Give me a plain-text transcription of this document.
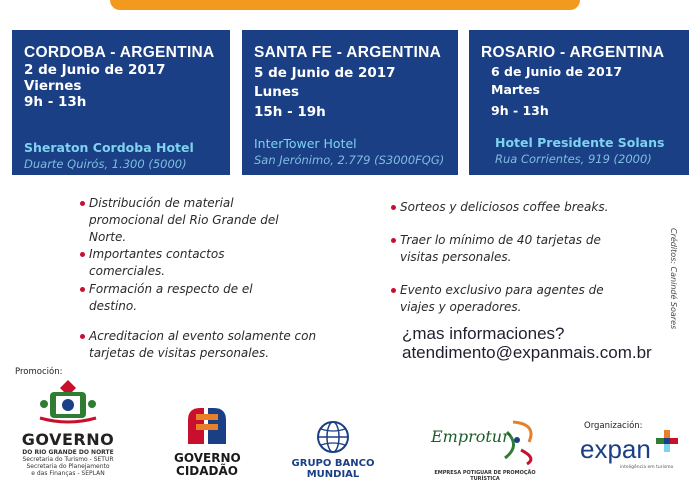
CORDOBA - ARGENTINA
2 de Junio de 2017
Viernes
9h - 13h
Sheraton Cordoba Hotel
Duarte Quirós, 1.300 (5000)
SANTA FE - ARGENTINA
5 de Junio de 2017
Lunes
15h - 19h
InterTower Hotel
San Jerónimo, 2.779 (S3000FQG)
ROSARIO - ARGENTINA
6 de Junio de 2017
Martes
9h - 13h
Hotel Presidente Solans
Rua Corrientes, 919 (2000)
Distribución de material promocional del Rio Grande del Norte.
Importantes contactos comerciales.
Formación a respecto de el destino.
Acreditacion al evento solamente con tarjetas de visitas personales.
Sorteos y deliciosos coffee breaks.
Traer lo mínimo de 40 tarjetas de visitas personales.
Evento exclusivo para agentes de viajes y operadores.
¿mas informaciones?
atendimento@expanmais.com.br
Créditos: Canindé Soares
Promoción:
Organización:
GOVERNO
DO RIO GRANDE DO NORTE
Secretaria do Turismo - SETUR
Secretaria do Planejamento
e das Finanças - SEPLAN
GOVERNO
CIDADÃO
GRUPO BANCO MUNDIAL
Emprotur
EMPRESA POTIGUAR DE PROMOÇÃO TURÍSTICA
expan
inteligência em turismo
